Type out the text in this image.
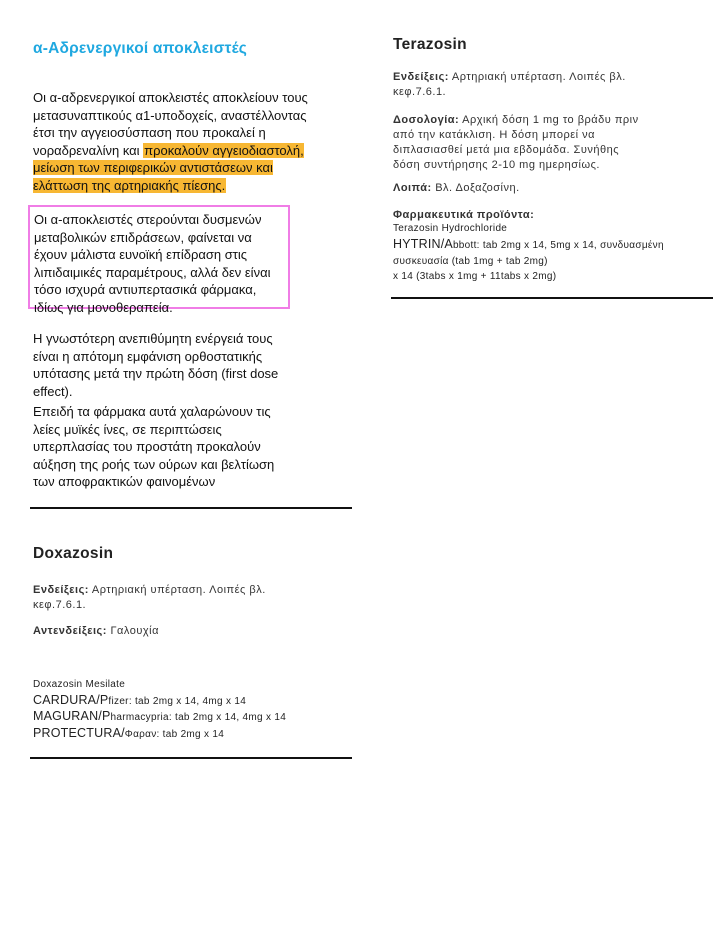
α-Αδρενεργικοί αποκλειστές
Οι α-αδρενεργικοί αποκλειστές αποκλείουν τους μετασυναπτικούς α1-υποδοχείς, αναστέλλοντας έτσι την αγγειοσύσπαση που προκαλεί η νοραδρεναλίνη και προκαλούν αγγειοδιαστολή, μείωση των περιφερικών αντιστάσεων και ελάττωση της αρτηριακής πίεσης.

Οι α-αποκλειστές στερούνται δυσμενών μεταβολικών επιδράσεων, φαίνεται να έχουν μάλιστα ευνοϊκή επίδραση στις λιπιδαιμικές παραμέτρους, αλλά δεν είναι τόσο ισχυρά αντιυπερτασικά φάρμακα, ιδίως για μονοθεραπεία.

Η γνωστότερη ανεπιθύμητη ενέργειά τους είναι η απότομη εμφάνιση ορθοστατικής υπότασης μετά την πρώτη δόση (first dose effect).
Επειδή τα φάρμακα αυτά χαλαρώνουν τις λείες μυϊκές ίνες, σε περιπτώσεις υπερπλασίας του προστάτη προκαλούν αύξηση της ροής των ούρων και βελτίωση των αποφρακτικών φαινομένων
Doxazosin
Ενδείξεις: Αρτηριακή υπέρταση. Λοιπές βλ. κεφ.7.6.1.
Αντενδείξεις: Γαλουχία
Doxazosin Mesilate
CARDURA/Pfizer: tab 2mg x 14, 4mg x 14
MAGURAN/Pharmacypria: tab 2mg x 14, 4mg x 14
PROTECTURA/Φαραν: tab 2mg x 14
Terazosin
Ενδείξεις: Αρτηριακή υπέρταση. Λοιπές βλ. κεφ.7.6.1.
Δοσολογία: Αρχική δόση 1 mg το βράδυ πριν από την κατάκλιση. Η δόση μπορεί να διπλασιασθεί μετά μια εβδομάδα. Συνήθης δόση συντήρησης 2-10 mg ημερησίως.
Λοιπά: Βλ. Δοξαζοσίνη.
Φαρμακευτικά προϊόντα:
Terazosin Hydrochloride
HYTRIN/Abbott: tab 2mg x 14, 5mg x 14, συνδυασμένη συσκευασία (tab 1mg + tab 2mg)
x 14 (3tabs x 1mg + 11tabs x 2mg)
